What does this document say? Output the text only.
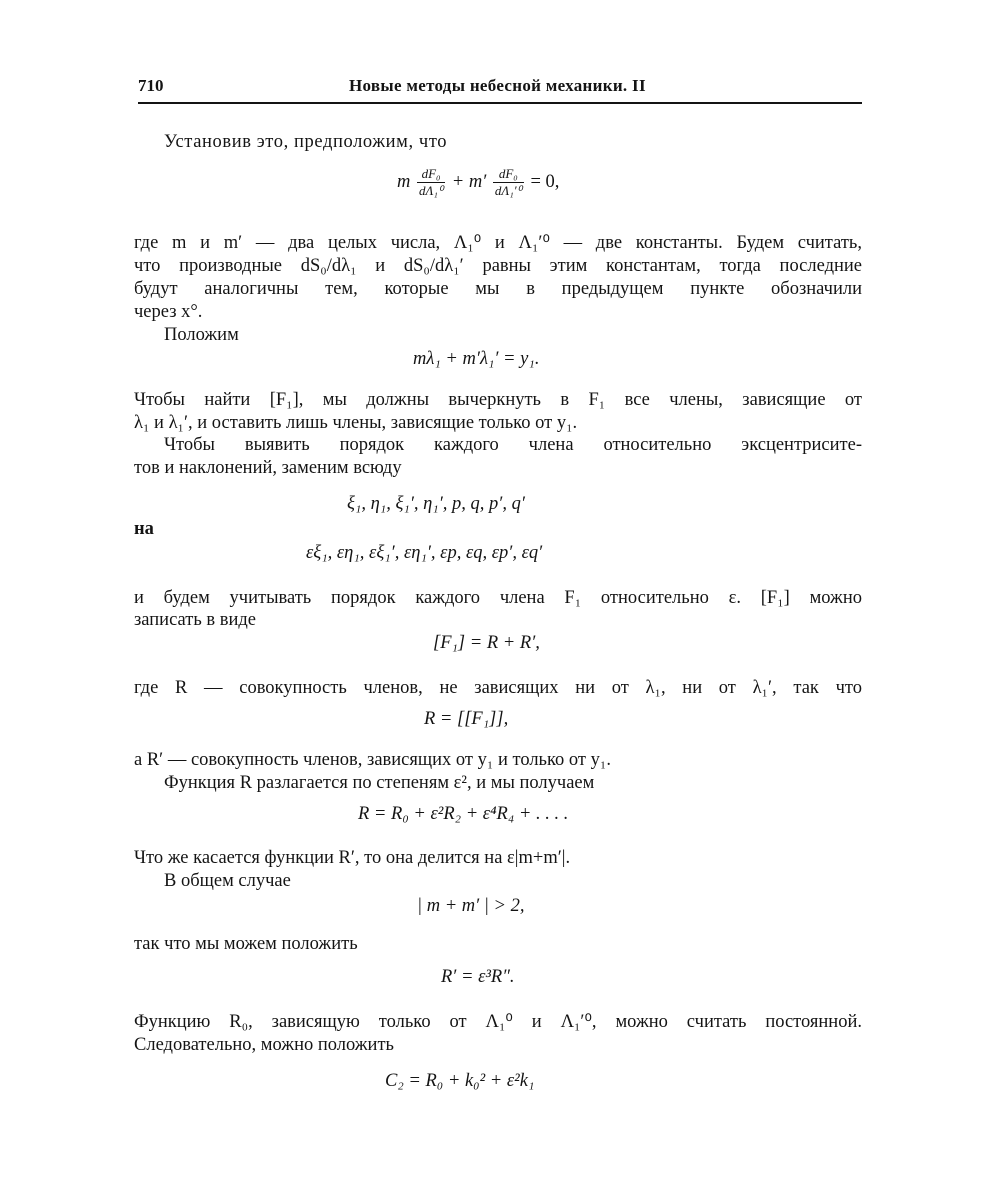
710	Новые методы небесной механики. II
Установив это, предположим, что
m $\frac{\text{dF₀}}{\text{dΛ₁⁰}} + m' \frac{\text{dF₀}}{\text{dΛ₁′⁰}} = 0$,
где m и m′ — два целых числа, Λ₁⁰ и Λ₁′⁰ — две константы. Будем считать,
что производные dS₀/dλ₁ и dS₀/dλ₁′ равны этим константам, тогда последние
будут аналогичны тем, которые мы в предыдущем пункте обозначили
через x°.
Положим
mλ₁ + m′λ₁′ = y₁.
Чтобы найти [F₁], мы должны вычеркнуть в F₁ все члены, зависящие от
λ₁ и λ₁′, и оставить лишь члены, зависящие только от y₁.
Чтобы выявить порядок каждого члена относительно эксцентриситe-
тов и наклонений, заменим всюду
ξ₁, η₁, ξ₁′, η₁′, p, q, p′, q′
на
εξ₁, εη₁, εξ₁′, εη₁′, εp, εq, εp′, εq′
и будем учитывать порядок каждого члена F₁ относительно ε. [F₁] можно
записать в виде
[F₁] = R + R′,
где R — совокупность членов, не зависящих ни от λ₁, ни от λ₁′, так что
R = [[F₁]],
а R′ — совокупность членов, зависящих от y₁ и только от y₁.
Функция R разлагается по степеням ε², и мы получаем
R = R₀ + ε²R₂ + ε⁴R₄ + . . . .
Что же касается функции R′, то она делится на ε|m+m′|.
В общем случае
| m + m′ | > 2,
так что мы можем положить
R′ = ε³R″.
Функцию R₀, зависящую только от Λ₁⁰ и Λ₁′⁰, можно считать постоянной.
Следовательно, можно положить
C₂ = R₀ + k₀² + ε²k₁
